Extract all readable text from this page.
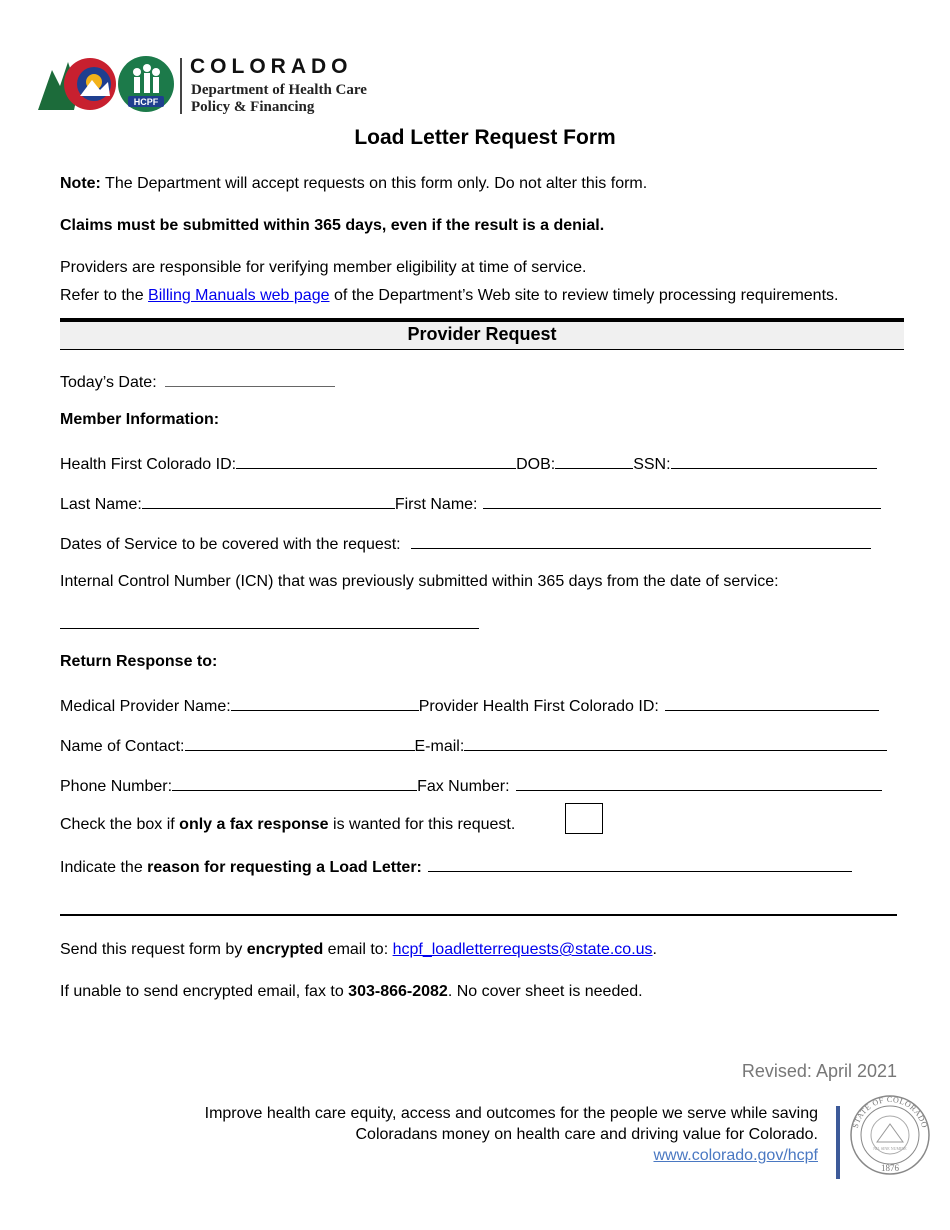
HCPF
COLORADO
Department of Health Care
Policy & Financing
Load Letter Request Form
Note: The Department will accept requests on this form only. Do not alter this form.
Claims must be submitted within 365 days, even if the result is a denial.
Providers are responsible for verifying member eligibility at time of service.
Refer to the Billing Manuals web page of the Department’s Web site to review timely processing requirements.
Provider Request
Today’s Date:
Member Information:
Health First Colorado ID:	DOB:	SSN:
Last Name:	First Name:
Dates of Service to be covered with the request:
Internal Control Number (ICN) that was previously submitted within 365 days from the date of service:
Return Response to:
Medical Provider Name:	Provider Health First Colorado ID:
Name of Contact:	E-mail:
Phone Number:	Fax Number:
Check the box if only a fax response is wanted for this request.
Indicate the reason for requesting a Load Letter:
Send this request form by encrypted email to: hcpf_loadletterrequests@state.co.us.
If unable to send encrypted email, fax to 303-866-2082. No cover sheet is needed.
Revised: April 2021
Improve health care equity, access and outcomes for the people we serve while saving
Coloradans money on health care and driving value for Colorado.
www.colorado.gov/hcpf
STATE OF COLORADO
NIL SINE NUMINE
1876
